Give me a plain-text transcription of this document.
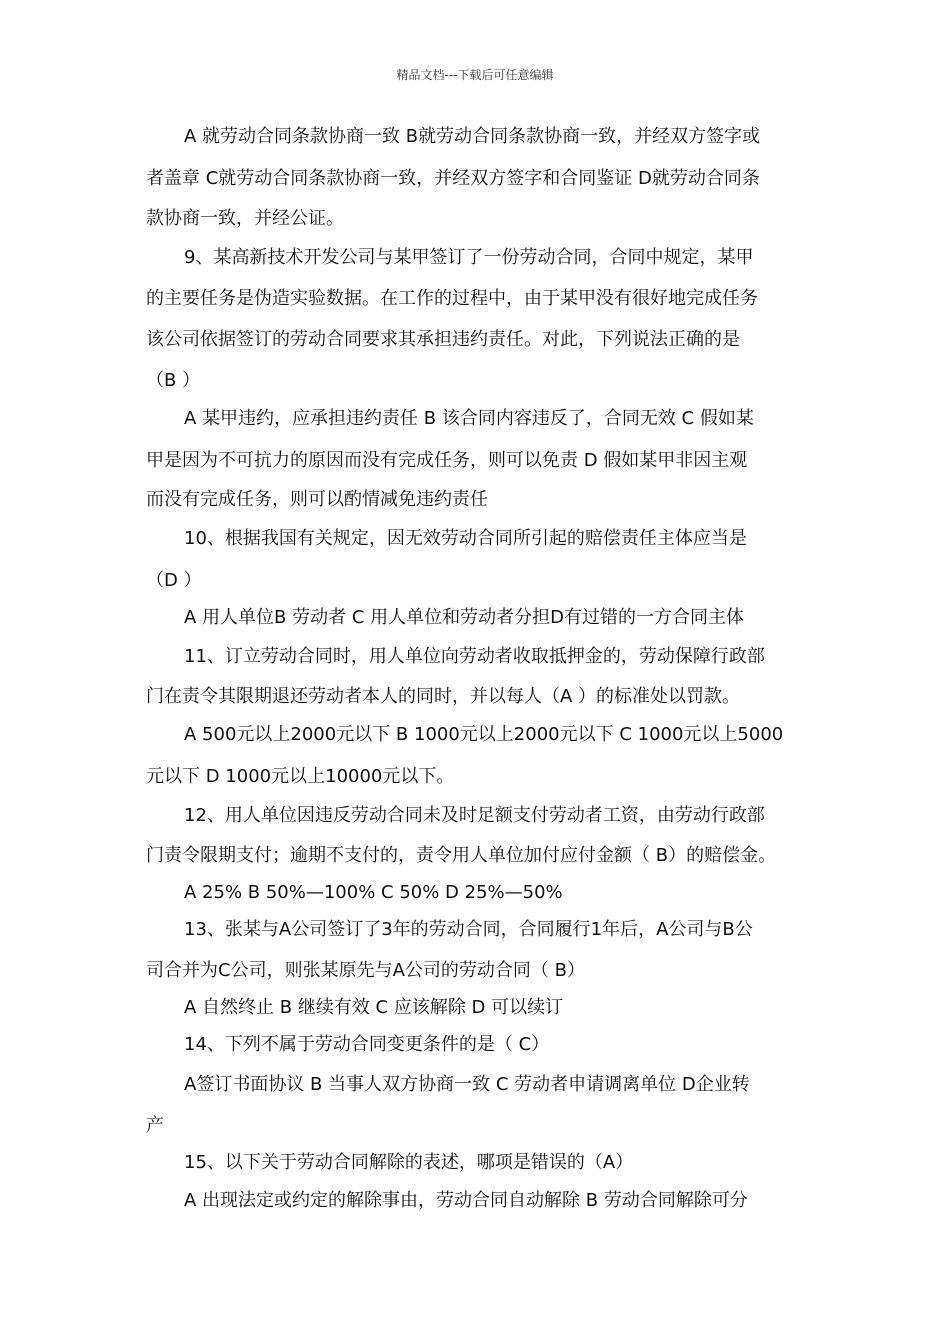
精品文档---下载后可任意编辑
A 就劳动合同条款协商一致 B就劳动合同条款协商一致，并经双方签字或
者盖章 C就劳动合同条款协商一致，并经双方签字和合同鉴证 D就劳动合同条
款协商一致，并经公证。
9、某高新技术开发公司与某甲签订了一份劳动合同，合同中规定，某甲
的主要任务是伪造实验数据。在工作的过程中，由于某甲没有很好地完成任务
该公司依据签订的劳动合同要求其承担违约责任。对此，下列说法正确的是
（B ）
A 某甲违约，应承担违约责任 B 该合同内容违反了，合同无效 C 假如某
甲是因为不可抗力的原因而没有完成任务，则可以免责 D 假如某甲非因主观
而没有完成任务，则可以酌情减免违约责任
10、根据我国有关规定，因无效劳动合同所引起的赔偿责任主体应当是
（D ）
A 用人单位B 劳动者 C 用人单位和劳动者分担D有过错的一方合同主体
11、订立劳动合同时，用人单位向劳动者收取抵押金的，劳动保障行政部
门在责令其限期退还劳动者本人的同时，并以每人（A ）的标准处以罚款。
A 500元以上2000元以下 B 1000元以上2000元以下 C 1000元以上5000
元以下 D 1000元以上10000元以下。
12、用人单位因违反劳动合同未及时足额支付劳动者工资，由劳动行政部
门责令限期支付；逾期不支付的，责令用人单位加付应付金额（ B）的赔偿金。
A 25% B 50%—100% C 50% D 25%—50%
13、张某与A公司签订了3年的劳动合同，合同履行1年后，A公司与B公
司合并为C公司，则张某原先与A公司的劳动合同（ B）
A 自然终止 B 继续有效 C 应该解除 D 可以续订
14、下列不属于劳动合同变更条件的是（ C）
A签订书面协议 B 当事人双方协商一致 C 劳动者申请调离单位 D企业转
产
15、以下关于劳动合同解除的表述，哪项是错误的（A）
A 出现法定或约定的解除事由，劳动合同自动解除 B 劳动合同解除可分
